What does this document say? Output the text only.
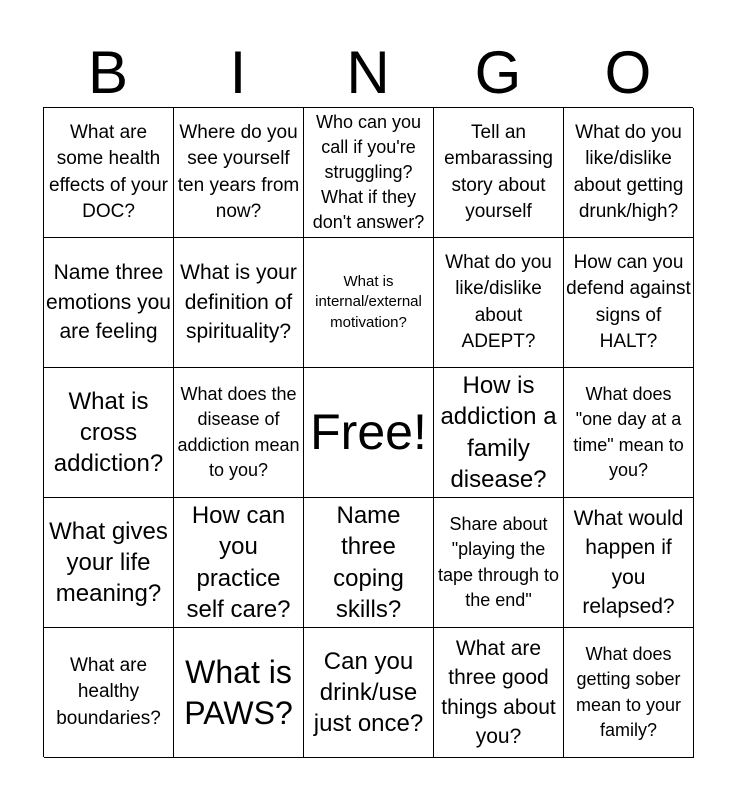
B	I	N	G	O
What are some health effects of your DOC?
Where do you see yourself ten years from now?
Who can you call if you're struggling? What if they don't answer?
Tell an embarassing story about yourself
What do you like/dislike about getting drunk/high?
Name three emotions you are feeling
What is your definition of spirituality?
What is internal/external motivation?
What do you like/dislike about ADEPT?
How can you defend against signs of HALT?
What is cross addiction?
What does the disease of addiction mean to you?
Free!
How is addiction a family disease?
What does "one day at a time" mean to you?
What gives your life meaning?
How can you practice self care?
Name three coping skills?
Share about "playing the tape through to the end"
What would happen if you relapsed?
What are healthy boundaries?
What is PAWS?
Can you drink/use just once?
What are three good things about you?
What does getting sober mean to your family?
